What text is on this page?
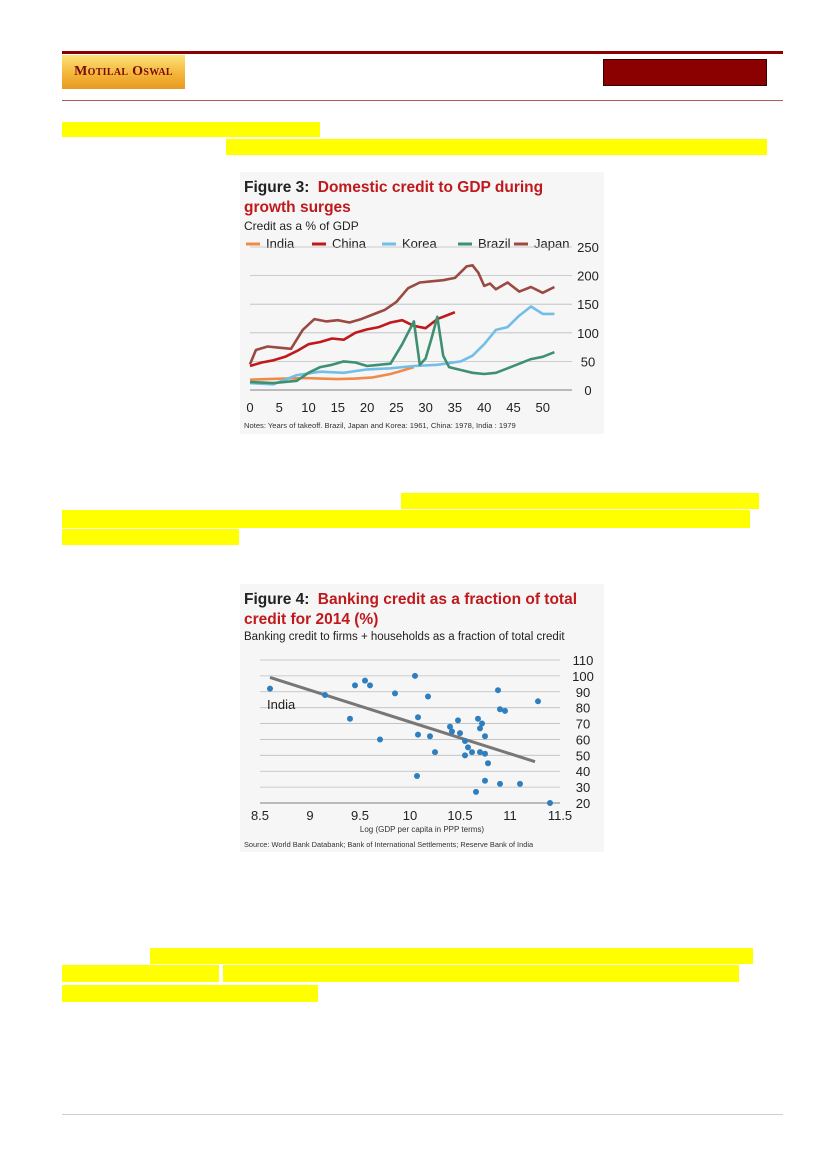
Motilal Oswal
Figure 3: Domestic credit to GDP during
growth surges
Credit as a % of GDP
India	China	Korea	Brazil Japan
0 5 10 15 20 25 30 35 40 45 50
0
50
100
150
200
250
Notes: Years of takeoff. Brazil, Japan and Korea: 1961, China: 1978, India : 1979
Figure 4: Banking credit as a fraction of total
credit for 2014 (%)
Banking credit to firms + households as a fraction of total credit
8.5	9	9.5	10 10.5 11 11.5
20
30
40
50
60
70
80
90
100
110
India
Log (GDP per capita in PPP terms)
Source: World Bank Databank; Bank of International Settlements; Reserve Bank of India
